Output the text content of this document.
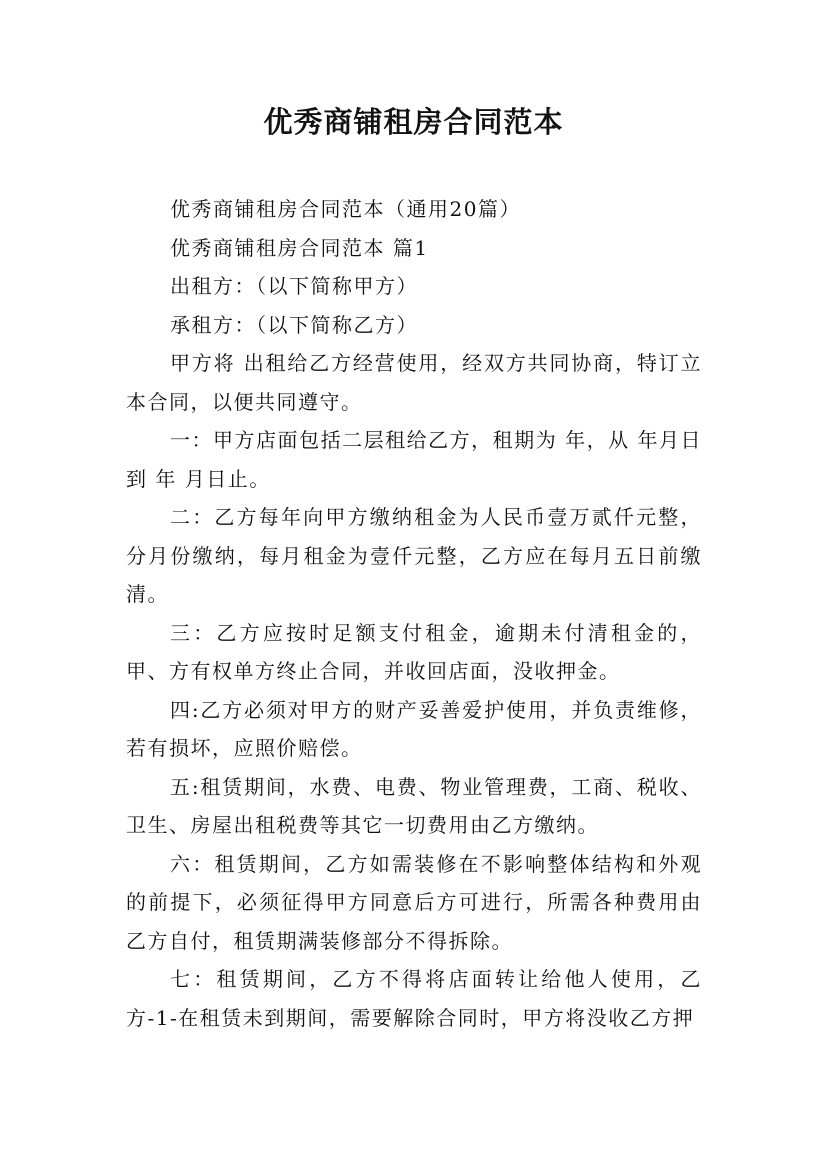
优秀商铺租房合同范本

优秀商铺租房合同范本（通用20篇）

优秀商铺租房合同范本 篇1

出租方：（以下简称甲方）

承租方：（以下简称乙方）

甲方将 出租给乙方经营使用，经双方共同协商，特订立本合同，以便共同遵守。

一：甲方店面包括二层租给乙方，租期为 年，从 年月日到 年 月日止。

二：乙方每年向甲方缴纳租金为人民币壹万贰仟元整，分月份缴纳，每月租金为壹仟元整，乙方应在每月五日前缴清。

三：乙方应按时足额支付租金，逾期未付清租金的，甲、方有权单方终止合同，并收回店面，没收押金。

四:乙方必须对甲方的财产妥善爱护使用，并负责维修，若有损坏，应照价赔偿。

五:租赁期间，水费、电费、物业管理费，工商、税收、卫生、房屋出租税费等其它一切费用由乙方缴纳。

六：租赁期间，乙方如需装修在不影响整体结构和外观的前提下，必须征得甲方同意后方可进行，所需各种费用由乙方自付，租赁期满装修部分不得拆除。

七：租赁期间，乙方不得将店面转让给他人使用，乙方-1-在租赁未到期间，需要解除合同时，甲方将没收乙方押
